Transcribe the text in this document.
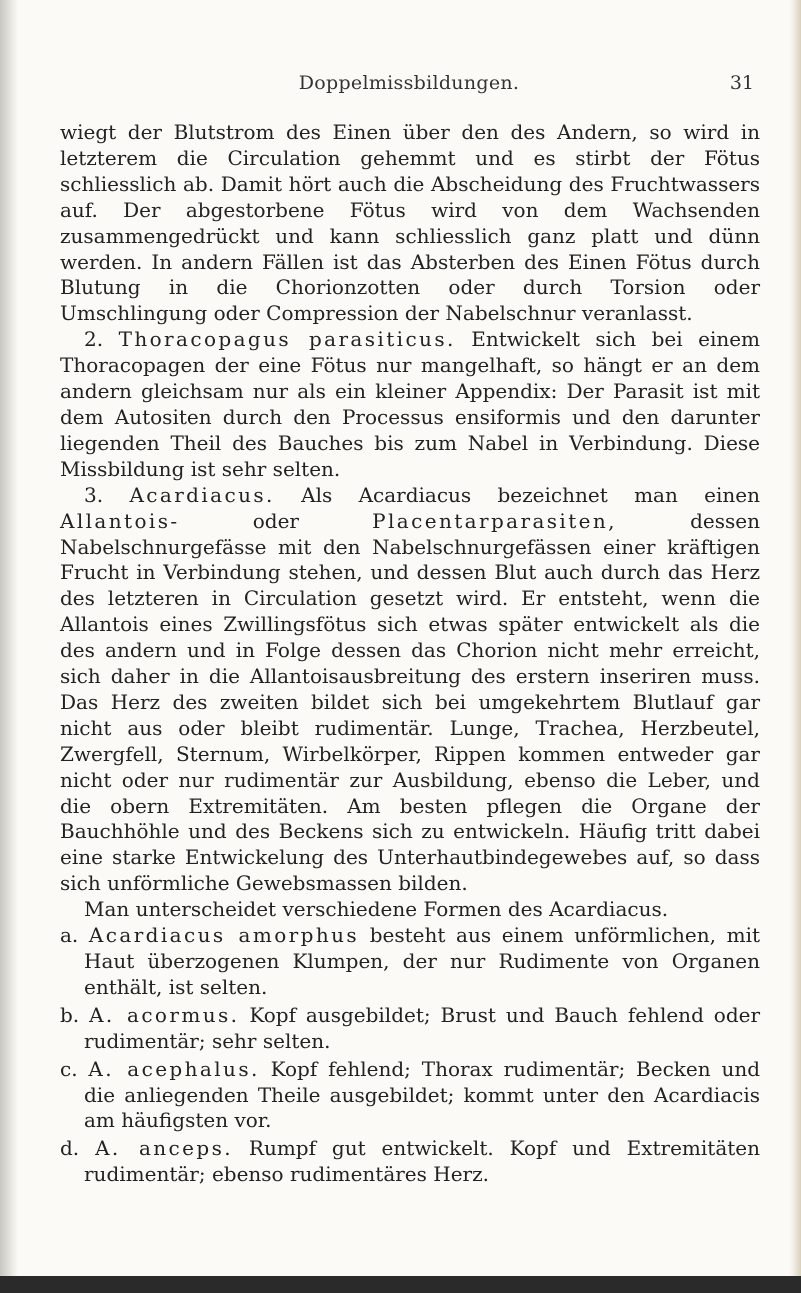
Doppelmissbildungen.	31

wiegt der Blutstrom des Einen über den des Andern, so wird in letzterem die Circulation gehemmt und es stirbt der Fötus schliesslich ab. Damit hört auch die Abscheidung des Fruchtwassers auf. Der abgestorbene Fötus wird von dem Wachsenden zusammengedrückt und kann schliesslich ganz platt und dünn werden. In andern Fällen ist das Absterben des Einen Fötus durch Blutung in die Chorionzotten oder durch Torsion oder Umschlingung oder Compression der Nabelschnur veranlasst.

2. Thoracopagus parasiticus. Entwickelt sich bei einem Thoracopagen der eine Fötus nur mangelhaft, so hängt er an dem andern gleichsam nur als ein kleiner Appendix: Der Parasit ist mit dem Autositen durch den Processus ensiformis und den darunter liegenden Theil des Bauches bis zum Nabel in Verbindung. Diese Missbildung ist sehr selten.

3. Acardiacus. Als Acardiacus bezeichnet man einen Allantois-	oder	Placentarparasiten,	dessen Nabelschnurgefässe mit den Nabelschnurgefässen einer kräftigen Frucht in Verbindung stehen, und dessen Blut auch durch das Herz des letzteren in Circulation gesetzt wird. Er entsteht, wenn die Allantois eines Zwillingsfötus sich etwas später entwickelt als die des andern und in Folge dessen das Chorion nicht mehr erreicht, sich daher in die Allantoisausbreitung des erstern inseriren muss. Das Herz des zweiten bildet sich bei umgekehrtem Blutlauf gar nicht aus oder bleibt rudimentär. Lunge, Trachea, Herzbeutel, Zwergfell, Sternum, Wirbelkörper, Rippen kommen entweder gar nicht oder nur rudimentär zur Ausbildung, ebenso die Leber, und die obern Extremitäten. Am besten pflegen die Organe der Bauchhöhle und des Beckens sich zu entwickeln. Häufig tritt dabei eine starke Entwickelung des Unterhautbindegewebes auf, so dass sich unförmliche Gewebsmassen bilden.

Man unterscheidet verschiedene Formen des Acardiacus.

a. Acardiacus amorphus besteht aus einem unförmlichen, mit Haut überzogenen Klumpen, der nur Rudimente von Organen enthält, ist selten.

b. A. acormus. Kopf ausgebildet; Brust und Bauch fehlend oder rudimentär; sehr selten.

c. A. acephalus. Kopf fehlend; Thorax rudimentär; Becken und die anliegenden Theile ausgebildet; kommt unter den Acardiacis am häufigsten vor.

d. A. anceps. Rumpf gut entwickelt. Kopf und Extremitäten rudimentär; ebenso rudimentäres Herz.
